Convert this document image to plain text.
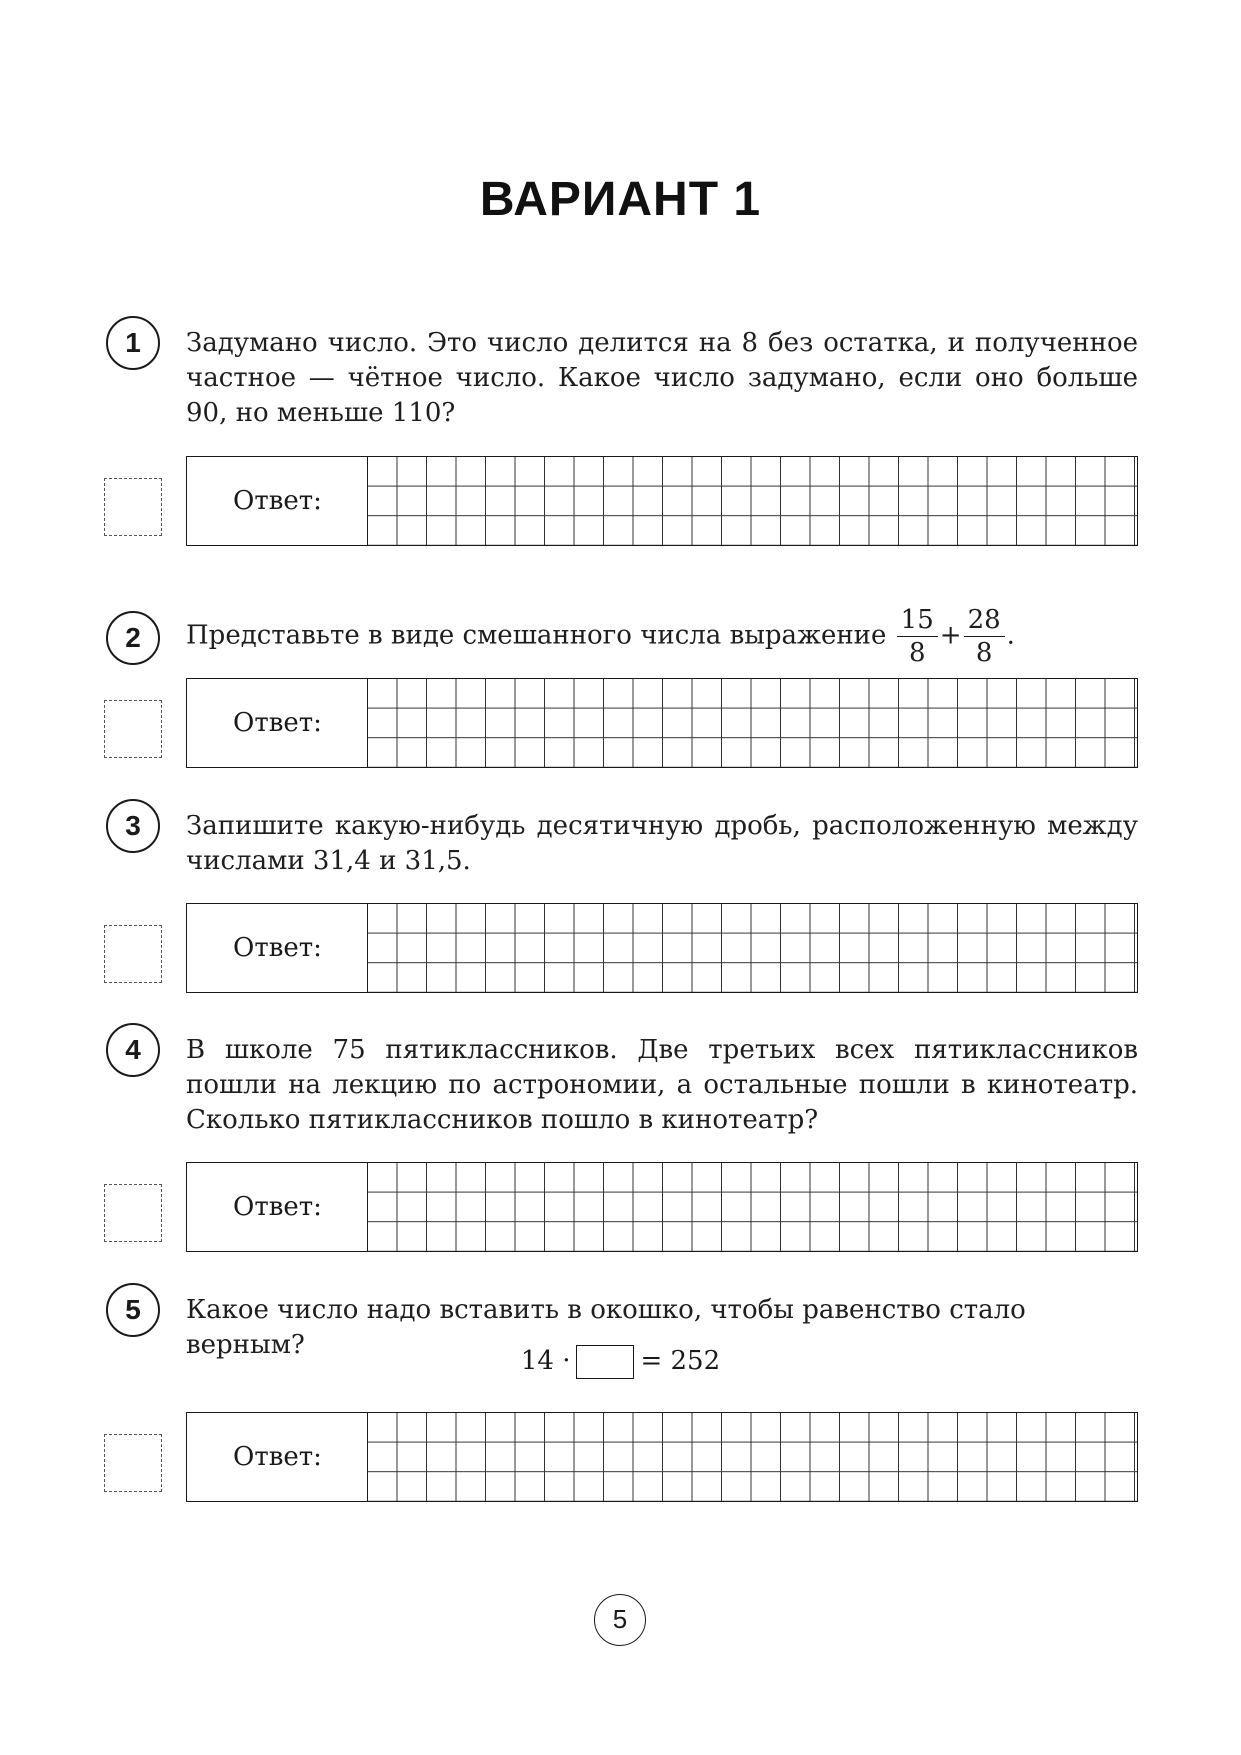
ВАРИАНТ 1
1	Задумано число. Это число делится на 8 без остатка, и полученное частное — чётное число. Какое число задумано, если оно больше 90, но меньше 110?
Ответ:
2	Представьте в виде смешанного числа выражение $\frac{15}{8} + \frac{28}{8}$ .
Ответ:
3	Запишите какую-нибудь десятичную дробь, расположенную между числами 31,4 и 31,5.
Ответ:
4	В школе 75 пятиклассников. Две третьих всех пятиклассников пошли на лекцию по астрономии, а остальные пошли в кинотеатр. Сколько пятиклассников пошло в кинотеатр?
Ответ:
5	Какое число надо вставить в окошко, чтобы равенство стало верным?
14 ·	= 252
Ответ:
5
